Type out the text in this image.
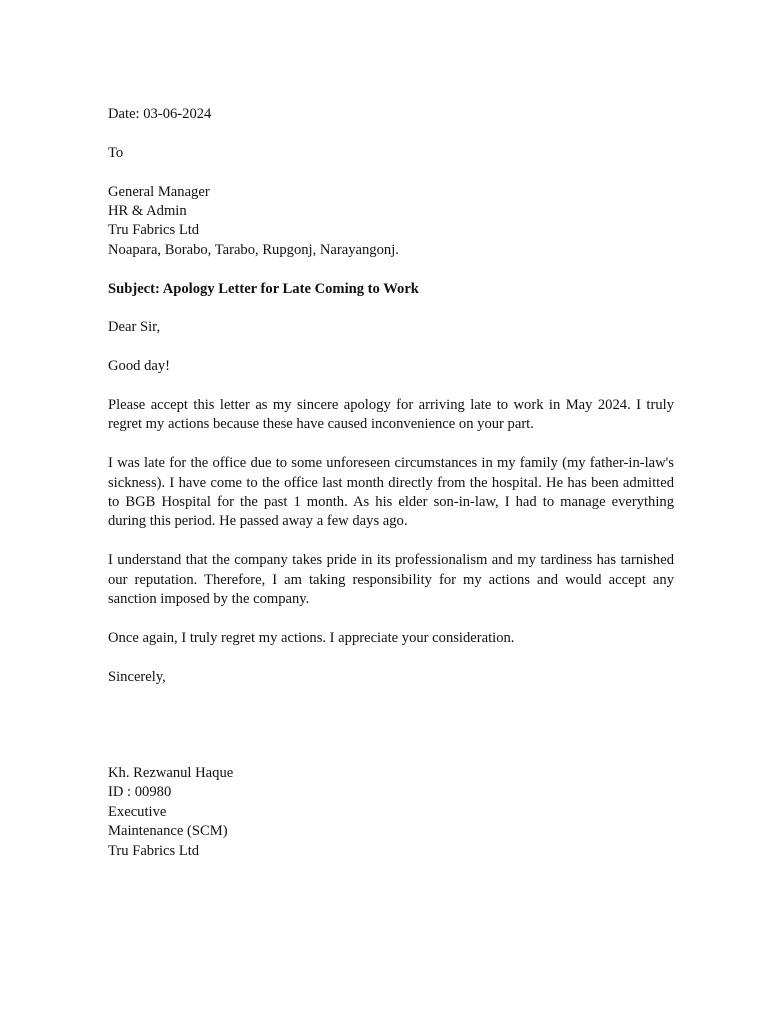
Date: 03-06-2024
To
General Manager
HR & Admin
Tru Fabrics Ltd
Noapara, Borabo, Tarabo, Rupgonj, Narayangonj.
Subject: Apology Letter for Late Coming to Work
Dear Sir,
Good day!

Please accept this letter as my sincere apology for arriving late to work in May 2024. I truly regret my actions because these have caused inconvenience on your part.

I was late for the office due to some unforeseen circumstances in my family (my father-in-law's sickness). I have come to the office last month directly from the hospital. He has been admitted to BGB Hospital for the past 1 month. As his elder son-in-law, I had to manage everything during this period. He passed away a few days ago.

I understand that the company takes pride in its professionalism and my tardiness has tarnished our reputation. Therefore, I am taking responsibility for my actions and would accept any sanction imposed by the company.

Once again, I truly regret my actions. I appreciate your consideration.

Sincerely,
Kh. Rezwanul Haque
ID : 00980
Executive
Maintenance (SCM)
Tru Fabrics Ltd
